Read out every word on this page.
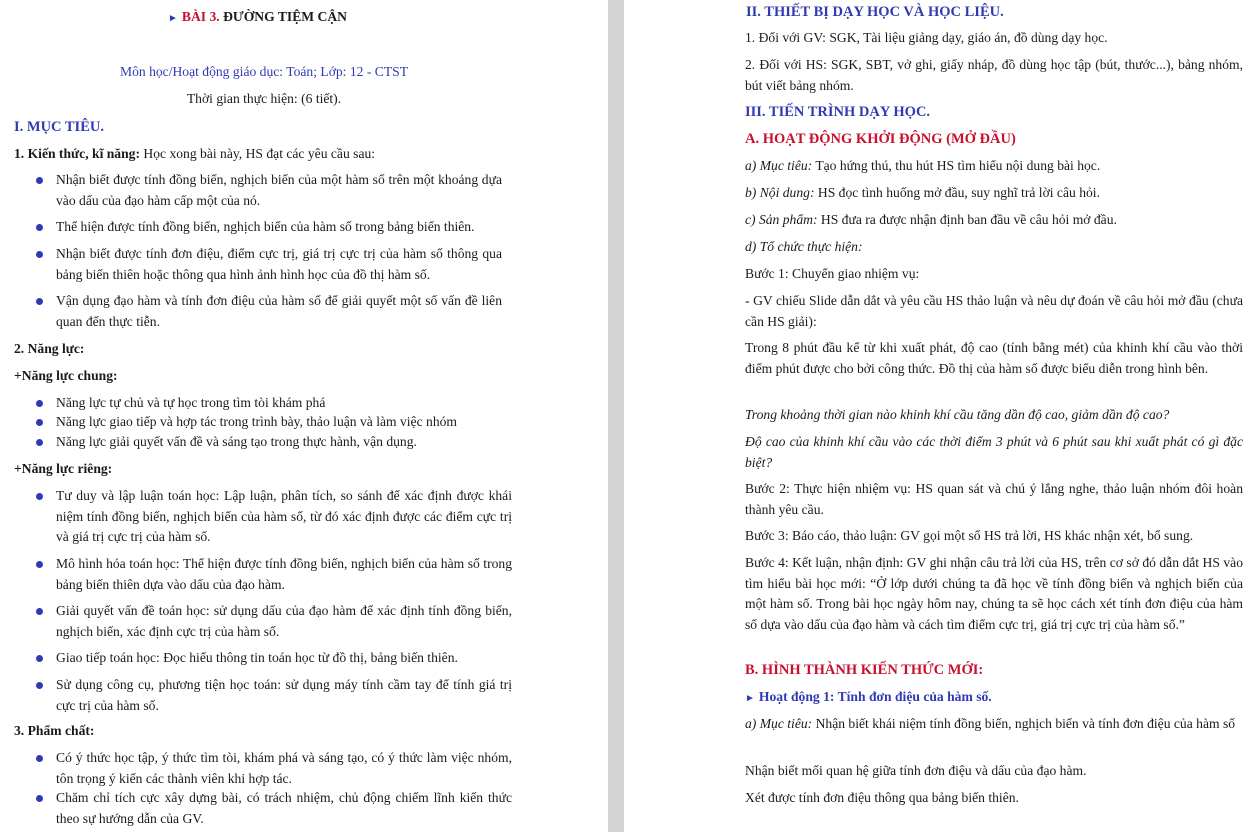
► BÀI 3. ĐƯỜNG TIỆM CẬN
Môn học/Hoạt động giáo dục: Toán; Lớp: 12 - CTST
Thời gian thực hiện: (6 tiết).
I. MỤC TIÊU.
1. Kiến thức, kĩ năng: Học xong bài này, HS đạt các yêu cầu sau:
Nhận biết được tính đồng biến, nghịch biến của một hàm số trên một khoảng dựa vào dấu của đạo hàm cấp một của nó.
Thể hiện được tính đồng biến, nghịch biến của hàm số trong bảng biến thiên.
Nhận biết được tính đơn điệu, điểm cực trị, giá trị cực trị của hàm số thông qua bảng biến thiên hoặc thông qua hình ảnh hình học của đồ thị hàm số.
Vận dụng đạo hàm và tính đơn điệu của hàm số để giải quyết một số vấn đề liên quan đến thực tiễn.
2. Năng lực:
+Năng lực chung:
Năng lực tự chủ và tự học trong tìm tòi khám phá
Năng lực giao tiếp và hợp tác trong trình bày, thảo luận và làm việc nhóm
Năng lực giải quyết vấn đề và sáng tạo trong thực hành, vận dụng.
+Năng lực riêng:
Tư duy và lập luận toán học: Lập luận, phân tích, so sánh để xác định được khái niệm tính đồng biến, nghịch biến của hàm số, từ đó xác định được các điểm cực trị và giá trị cực trị của hàm số.
Mô hình hóa toán học: Thể hiện được tính đồng biến, nghịch biến của hàm số trong bảng biến thiên dựa vào dấu của đạo hàm.
Giải quyết vấn đề toán học: sử dụng dấu của đạo hàm để xác định tính đồng biến, nghịch biến, xác định cực trị của hàm số.
Giao tiếp toán học: Đọc hiểu thông tin toán học từ đồ thị, bảng biến thiên.
Sử dụng công cụ, phương tiện học toán: sử dụng máy tính cầm tay để tính giá trị cực trị của hàm số.
3. Phẩm chất:
Có ý thức học tập, ý thức tìm tòi, khám phá và sáng tạo, có ý thức làm việc nhóm, tôn trọng ý kiến các thành viên khi hợp tác.
Chăm chỉ tích cực xây dựng bài, có trách nhiệm, chủ động chiếm lĩnh kiến thức theo sự hướng dẫn của GV.
II. THIẾT BỊ DẠY HỌC VÀ HỌC LIỆU.
1. Đối với GV: SGK, Tài liệu giảng dạy, giáo án, đồ dùng dạy học.
2. Đối với HS: SGK, SBT, vở ghi, giấy nháp, đồ dùng học tập (bút, thước...), bảng nhóm, bút viết bảng nhóm.
III. TIẾN TRÌNH DẠY HỌC.
A. HOẠT ĐỘNG KHỞI ĐỘNG (MỞ ĐẦU)
a) Mục tiêu: Tạo hứng thú, thu hút HS tìm hiểu nội dung bài học.
b) Nội dung: HS đọc tình huống mở đầu, suy nghĩ trả lời câu hỏi.
c) Sản phẩm: HS đưa ra được nhận định ban đầu về câu hỏi mở đầu.
d) Tổ chức thực hiện:
Bước 1: Chuyển giao nhiệm vụ:
- GV chiếu Slide dẫn dắt và yêu cầu HS thảo luận và nêu dự đoán về câu hỏi mở đầu (chưa cần HS giải):
Trong 8 phút đầu kể từ khi xuất phát, độ cao (tính bằng mét) của khinh khí cầu vào thời điểm phút được cho bởi công thức. Đồ thị của hàm số được biểu diễn trong hình bên.
Trong khoảng thời gian nào khinh khí cầu tăng dần độ cao, giảm dần độ cao?
Độ cao của khinh khí cầu vào các thời điểm 3 phút và 6 phút sau khi xuất phát có gì đặc biệt?
Bước 2: Thực hiện nhiệm vụ: HS quan sát và chú ý lắng nghe, thảo luận nhóm đôi hoàn thành yêu cầu.
Bước 3: Báo cáo, thảo luận: GV gọi một số HS trả lời, HS khác nhận xét, bổ sung.
Bước 4: Kết luận, nhận định: GV ghi nhận câu trả lời của HS, trên cơ sở đó dẫn dắt HS vào tìm hiểu bài học mới: “Ở lớp dưới chúng ta đã học về tính đồng biến và nghịch biến của một hàm số. Trong bài học ngày hôm nay, chúng ta sẽ học cách xét tính đơn điệu của hàm số dựa vào dấu của đạo hàm và cách tìm điểm cực trị, giá trị cực trị của hàm số.”
B. HÌNH THÀNH KIẾN THỨC MỚI:
► Hoạt động 1: Tính đơn điệu của hàm số.
a) Mục tiêu: Nhận biết khái niệm tính đồng biến, nghịch biến và tính đơn điệu của hàm số
Nhận biết mối quan hệ giữa tính đơn điệu và dấu của đạo hàm.
Xét được tính đơn điệu thông qua bảng biến thiên.
